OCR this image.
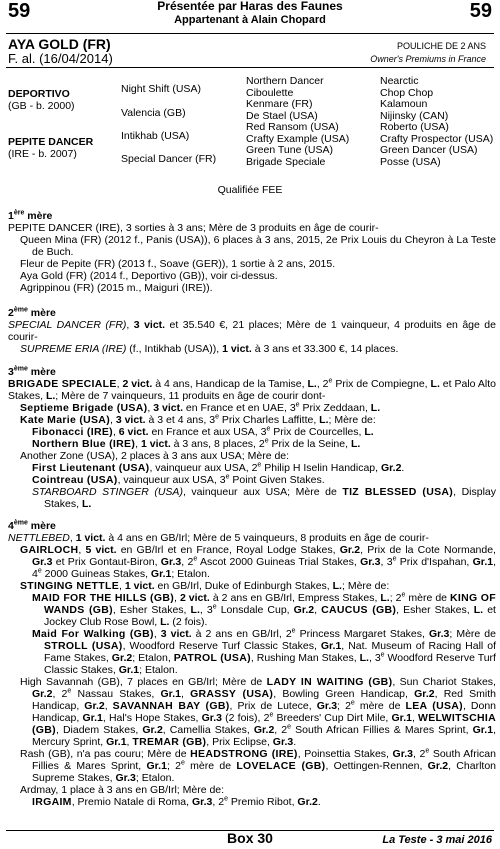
59	59
Présentée par Haras des Faunes
Appartenant à Alain Chopard
AYA GOLD (FR)
F. al. (16/04/2014)
POULICHE DE 2 ANS
Owner's Premiums in France
DEPORTIVO
(GB - b. 2000)
PEPITE DANCER
(IRE - b. 2007)
Night Shift (USA)
Valencia (GB)
Intikhab (USA)
Special Dancer (FR)
Northern Dancer
Ciboulette
Kenmare (FR)
De Stael (USA)
Red Ransom (USA)
Crafty Example (USA)
Green Tune (USA)
Brigade Speciale
Nearctic
Chop Chop
Kalamoun
Nijinsky (CAN)
Roberto (USA)
Crafty Prospector (USA)
Green Dancer (USA)
Posse (USA)
Qualifiée FEE

1ère mère

PEPITE DANCER (IRE), 3 sorties à 3 ans; Mère de 3 produits en âge de courir-

Queen Mina (FR) (2012 f., Panis (USA)), 6 places à 3 ans, 2015, 2e Prix Louis du Cheyron à La Teste de Buch.

Fleur de Pepite (FR) (2013 f., Soave (GER)), 1 sortie à 2 ans, 2015.

Aya Gold (FR) (2014 f., Deportivo (GB)), voir ci-dessus.

Agrippinou (FR) (2015 m., Maiguri (IRE)).

2ème mère

SPECIAL DANCER (FR), 3 vict. et 35.540 €, 21 places; Mère de 1 vainqueur, 4 produits en âge de courir-

SUPREME ERIA (IRE) (f., Intikhab (USA)), 1 vict. à 3 ans et 33.300 €, 14 places.

3ème mère

BRIGADE SPECIALE, 2 vict. à 4 ans, Handicap de la Tamise, L., 2e Prix de Compiegne, L. et Palo Alto Stakes, L.; Mère de 7 vainqueurs, 11 produits en âge de courir dont-

Septieme Brigade (USA), 3 vict. en France et en UAE, 3e Prix Zeddaan, L.

Kate Marie (USA), 3 vict. à 3 et 4 ans, 3e Prix Charles Laffitte, L.; Mère de:

Fibonacci (IRE), 6 vict. en France et aux USA, 3e Prix de Courcelles, L.

Northern Blue (IRE), 1 vict. à 3 ans, 8 places, 2e Prix de la Seine, L.

Another Zone (USA), 2 places à 3 ans aux USA; Mère de:

First Lieutenant (USA), vainqueur aux USA, 2e Philip H Iselin Handicap, Gr.2.

Cointreau (USA), vainqueur aux USA, 3e Point Given Stakes.

STARBOARD STINGER (USA), vainqueur aux USA; Mère de TIZ BLESSED (USA), Display Stakes, L.

4ème mère

NETTLEBED, 1 vict. à 4 ans en GB/Irl; Mère de 5 vainqueurs, 8 produits en âge de courir-

GAIRLOCH, 5 vict. en GB/Irl et en France, Royal Lodge Stakes, Gr.2, Prix de la Cote Normande, Gr.3 et Prix Gontaut-Biron, Gr.3, 2e Ascot 2000 Guineas Trial Stakes, Gr.3, 3e Prix d'Ispahan, Gr.1, 4e 2000 Guineas Stakes, Gr.1; Etalon.

STINGING NETTLE, 1 vict. en GB/Irl, Duke of Edinburgh Stakes, L.; Mère de:

MAID FOR THE HILLS (GB), 2 vict. à 2 ans en GB/Irl, Empress Stakes, L.; 2e mère de KING OF WANDS (GB), Esher Stakes, L., 3e Lonsdale Cup, Gr.2, CAUCUS (GB), Esher Stakes, L. et Jockey Club Rose Bowl, L. (2 fois).

Maid For Walking (GB), 3 vict. à 2 ans en GB/Irl, 2e Princess Margaret Stakes, Gr.3; Mère de STROLL (USA), Woodford Reserve Turf Classic Stakes, Gr.1, Nat. Museum of Racing Hall of Fame Stakes, Gr.2; Etalon, PATROL (USA), Rushing Man Stakes, L., 3e Woodford Reserve Turf Classic Stakes, Gr.1; Etalon.

High Savannah (GB), 7 places en GB/Irl; Mère de LADY IN WAITING (GB), Sun Chariot Stakes, Gr.2, 2e Nassau Stakes, Gr.1, GRASSY (USA), Bowling Green Handicap, Gr.2, Red Smith Handicap, Gr.2, SAVANNAH BAY (GB), Prix de Lutece, Gr.3; 2e mère de LEA (USA), Donn Handicap, Gr.1, Hal's Hope Stakes, Gr.3 (2 fois), 2e Breeders' Cup Dirt Mile, Gr.1, WELWITSCHIA (GB), Diadem Stakes, Gr.2, Camellia Stakes, Gr.2, 2e South African Fillies & Mares Sprint, Gr.1, Mercury Sprint, Gr.1, TREMAR (GB), Prix Eclipse, Gr.3.

Rash (GB), n'a pas couru; Mère de HEADSTRONG (IRE), Poinsettia Stakes, Gr.3, 2e South African Fillies & Mares Sprint, Gr.1; 2e mère de LOVELACE (GB), Oettingen-Rennen, Gr.2, Charlton Supreme Stakes, Gr.3; Etalon.

Ardmay, 1 place à 3 ans en GB/Irl; Mère de:

IRGAIM, Premio Natale di Roma, Gr.3, 2e Premio Ribot, Gr.2.

Box 30	La Teste - 3 mai 2016
